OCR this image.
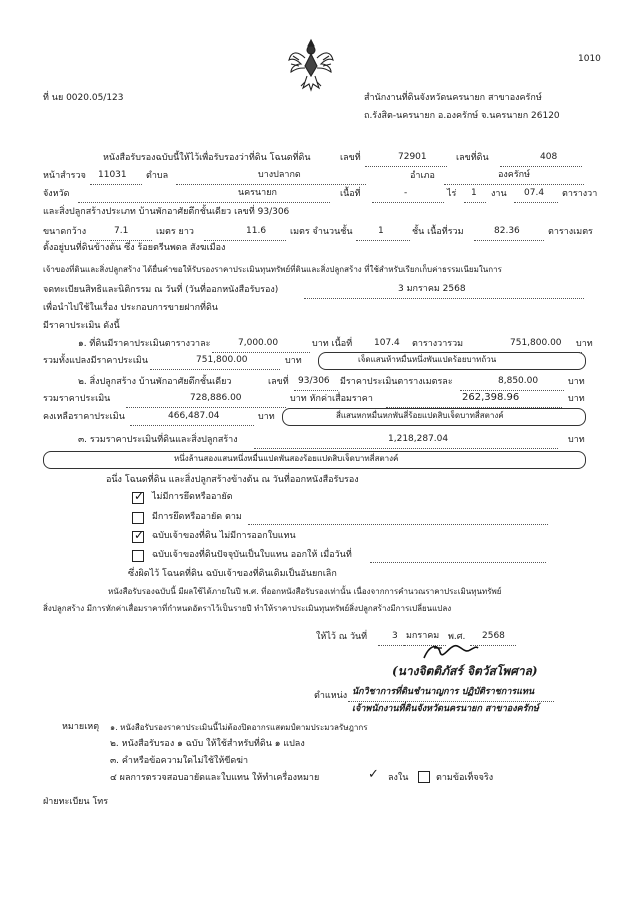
1010
ที่ นย 0020.05/123	สำนักงานที่ดินจังหวัดนครนายก สาขาองครักษ์
ถ.รังสิต-นครนายก อ.องครักษ์ จ.นครนายก 26120
หนังสือรับรองฉบับนี้ให้ไว้เพื่อรับรองว่าที่ดิน โฉนดที่ดิน	เลขที่	72901	เลขที่ดิน	408
หน้าสำรวจ 11031 ตำบล	บางปลากด	อำเภอ	องครักษ์
จังหวัด	นครนายก	เนื้อที่	-	ไร่ 1 งาน 07.4 ตารางวา
และสิ่งปลูกสร้างประเภท บ้านพักอาศัยตึกชั้นเดียว เลขที่ 93/306
ขนาดกว้าง	7.1	เมตร ยาว	11.6	เมตร จำนวนชั้น	1	ชั้น เนื้อที่รวม	82.36	ตารางเมตร
ตั้งอยู่บนที่ดินข้างต้น ซึ่ง ร้อยตรีนพดล สังฆเมือง
เจ้าของที่ดินและสิ่งปลูกสร้าง ได้ยื่นคำขอให้รับรองราคาประเมินทุนทรัพย์ที่ดินและสิ่งปลูกสร้าง ที่ใช้สำหรับเรียกเก็บค่าธรรมเนียมในการ
จดทะเบียนสิทธิและนิติกรรม ณ วันที่ (วันที่ออกหนังสือรับรอง)	3 มกราคม 2568
เพื่อนำไปใช้ในเรื่อง ประกอบการขายฝากที่ดิน
มีราคาประเมิน ดังนี้
๑. ที่ดินมีราคาประเมินตารางวาละ	7,000.00	บาท เนื้อที่ 107.4 ตารางวารวม	751,800.00 บาท
รวมทั้งแปลงมีราคาประเมิน	751,800.00	บาท	เจ็ดแสนห้าหมื่นหนึ่งพันแปดร้อยบาทถ้วน
๒. สิ่งปลูกสร้าง บ้านพักอาศัยตึกชั้นเดียว	เลขที่ 93/306 มีราคาประเมินตารางเมตรละ	8,850.00	บาท
รวมราคาประเมิน	728,886.00	บาท หักค่าเสื่อมราคา	262,398.96	บาท
คงเหลือราคาประเมิน	466,487.04	บาท	สี่แสนหกหมื่นหกพันสี่ร้อยแปดสิบเจ็ดบาทสี่สตางค์
๓. รวมราคาประเมินที่ดินและสิ่งปลูกสร้าง	1,218,287.04	บาท
หนึ่งล้านสองแสนหนึ่งหมื่นแปดพันสองร้อยแปดสิบเจ็ดบาทสี่สตางค์
อนึ่ง โฉนดที่ดิน และสิ่งปลูกสร้างข้างต้น ณ วันที่ออกหนังสือรับรอง
✓
ไม่มีการยึดหรืออายัด
มีการยึดหรืออายัด ตาม
✓
ฉบับเจ้าของที่ดิน ไม่มีการออกใบแทน
ฉบับเจ้าของที่ดินปัจจุบันเป็นใบแทน ออกให้ เมื่อวันที่
ซึ่งผิดไว้ โฉนดที่ดิน ฉบับเจ้าของที่ดินเดิมเป็นอันยกเลิก
หนังสือรับรองฉบับนี้ มีผลใช้ได้ภายในปี พ.ศ. ที่ออกหนังสือรับรองเท่านั้น เนื่องจากการคำนวณราคาประเมินทุนทรัพย์
สิ่งปลูกสร้าง มีการหักค่าเสื่อมราคาที่กำหนดอัตราไว้เป็นรายปี ทำให้ราคาประเมินทุนทรัพย์สิ่งปลูกสร้างมีการเปลี่ยนแปลง
ให้ไว้ ณ วันที่	3 มกราคม พ.ศ. 2568
(นางจิตติภัสร์ จิตวัสโพศาล)
ตำแหน่ง นักวิชาการที่ดินชำนาญการ ปฏิบัติราชการแทน
เจ้าพนักงานที่ดินจังหวัดนครนายก สาขาองครักษ์
หมายเหตุ ๑. หนังสือรับรองราคาประเมินนี้ไม่ต้องปิดอากรแสตมป์ตามประมวลรัษฎากร
๒. หนังสือรับรอง ๑ ฉบับ ให้ใช้สำหรับที่ดิน ๑ แปลง
๓. คำหรือข้อความใดไม่ใช้ให้ขีดฆ่า
๔ ผลการตรวจสอบอายัดและใบแทน ให้ทำเครื่องหมาย	✓ ลงใน	ตามข้อเท็จจริง
ฝ่ายทะเบียน โทร
